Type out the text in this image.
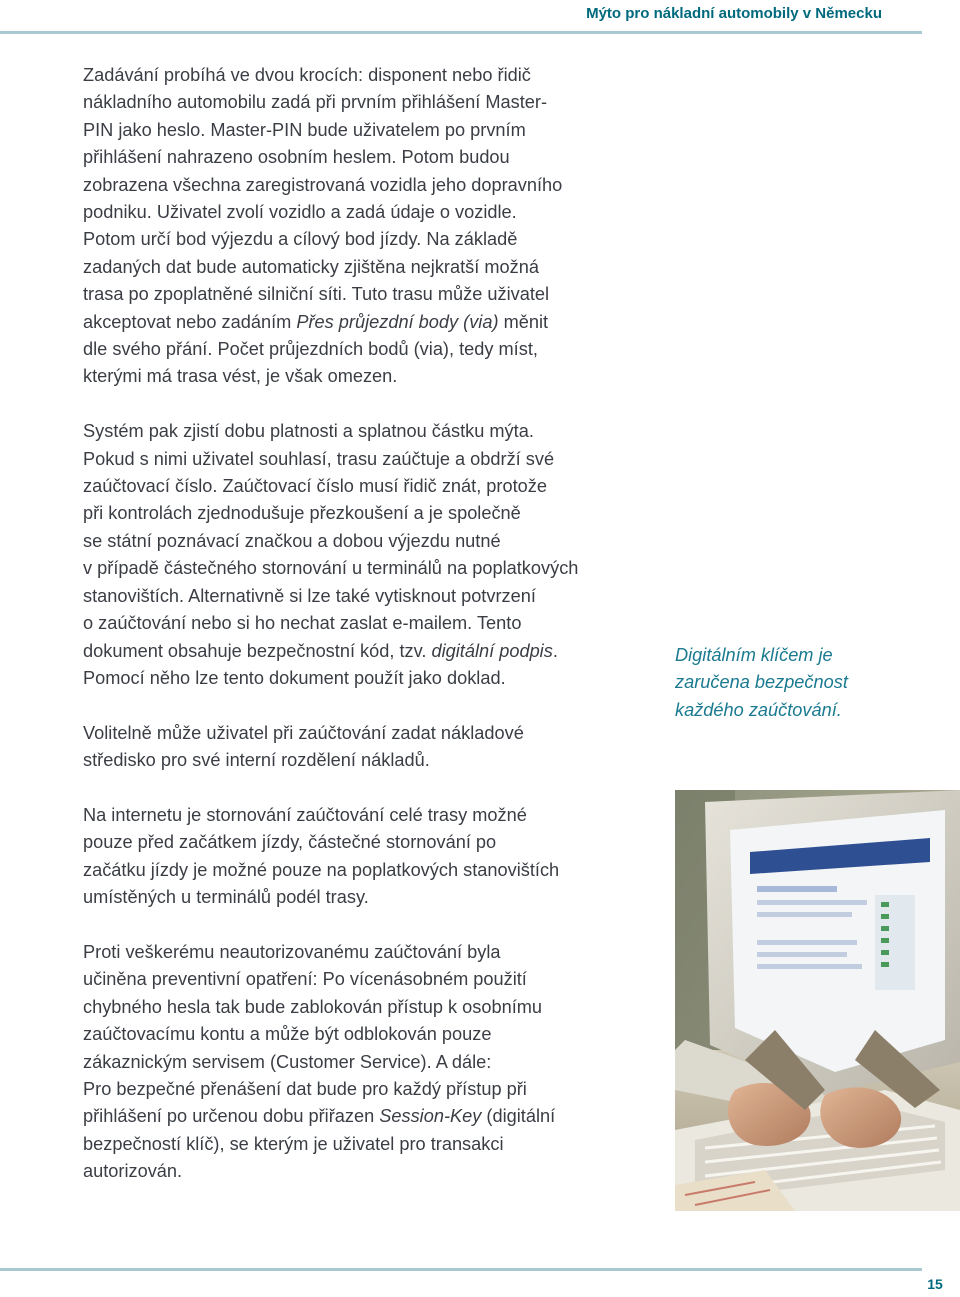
Mýto pro nákladní automobily v Německu

Zadávání probíhá ve dvou krocích: disponent nebo řidič
nákladního automobilu zadá při prvním přihlášení Master-
PIN jako heslo. Master-PIN bude uživatelem po prvním
přihlášení nahrazeno osobním heslem. Potom budou
zobrazena všechna zaregistrovaná vozidla jeho dopravního
podniku. Uživatel zvolí vozidlo a zadá údaje o vozidle.
Potom určí bod výjezdu a cílový bod jízdy. Na základě
zadaných dat bude automaticky zjištěna nejkratší možná
trasa po zpoplatněné silniční síti. Tuto trasu může uživatel
akceptovat nebo zadáním Přes průjezdní body (via) měnit
dle svého přání. Počet průjezdních bodů (via), tedy míst,
kterými má trasa vést, je však omezen.

Systém pak zjistí dobu platnosti a splatnou částku mýta.
Pokud s nimi uživatel souhlasí, trasu zaúčtuje a obdrží své
zaúčtovací číslo. Zaúčtovací číslo musí řidič znát, protože
při kontrolách zjednodušuje přezkoušení a je společně
se státní poznávací značkou a dobou výjezdu nutné
v případě částečného stornování u terminálů na poplatkových
stanovištích. Alternativně si lze také vytisknout potvrzení
o zaúčtování nebo si ho nechat zaslat e-mailem. Tento
dokument obsahuje bezpečnostní kód, tzv. digitální podpis.
Pomocí něho lze tento dokument použít jako doklad.

Volitelně může uživatel při zaúčtování zadat nákladové
středisko pro své interní rozdělení nákladů.

Na internetu je stornování zaúčtování celé trasy možné
pouze před začátkem jízdy, částečné stornování po
začátku jízdy je možné pouze na poplatkových stanovištích
umístěných u terminálů podél trasy.

Proti veškerému neautorizovanému zaúčtování byla
učiněna preventivní opatření: Po vícenásobném použití
chybného hesla tak bude zablokován přístup k osobnímu
zaúčtovacímu kontu a může být odblokován pouze
zákaznickým servisem (Customer Service). A dále:
Pro bezpečné přenášení dat bude pro každý přístup při
přihlášení po určenou dobu přiřazen Session-Key (digitální
bezpečností klíč), se kterým je uživatel pro transakci
autorizován.

Digitálním klíčem je
zaručena bezpečnost
každého zaúčtování.
15
